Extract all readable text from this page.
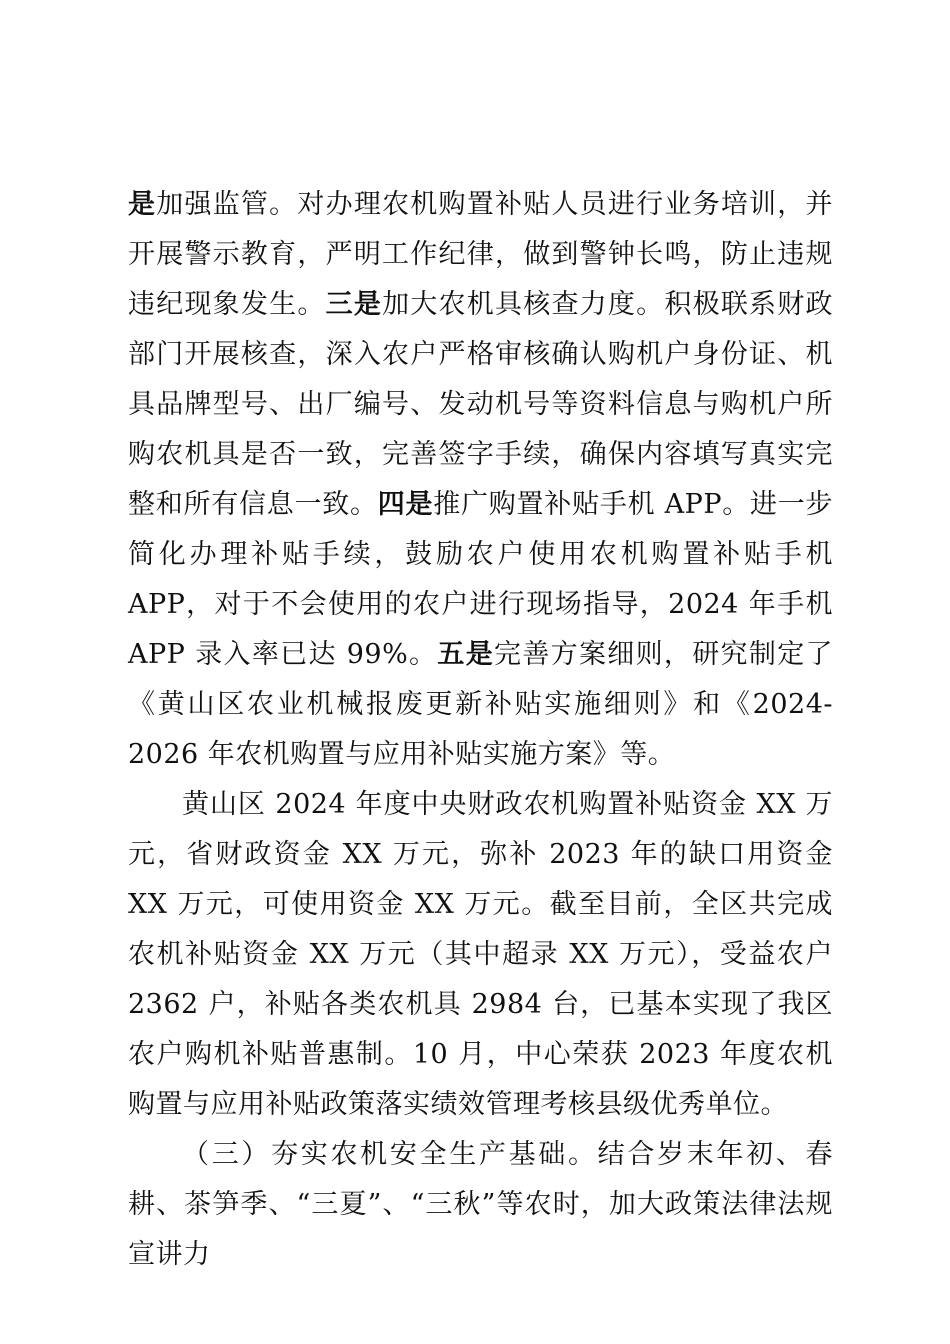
是加强监管。对办理农机购置补贴人员进行业务培训，并开展警示教育，严明工作纪律，做到警钟长鸣，防止违规违纪现象发生。三是加大农机具核查力度。积极联系财政部门开展核查，深入农户严格审核确认购机户身份证、机具品牌型号、出厂编号、发动机号等资料信息与购机户所购农机具是否一致，完善签字手续，确保内容填写真实完整和所有信息一致。四是推广购置补贴手机 APP。进一步简化办理补贴手续，鼓励农户使用农机购置补贴手机 APP，对于不会使用的农户进行现场指导，2024 年手机 APP 录入率已达 99%。五是完善方案细则，研究制定了《黄山区农业机械报废更新补贴实施细则》和《2024-2026 年农机购置与应用补贴实施方案》等。

黄山区 2024 年度中央财政农机购置补贴资金 XX 万元，省财政资金 XX 万元，弥补 2023 年的缺口用资金 XX 万元，可使用资金 XX 万元。截至目前，全区共完成农机补贴资金 XX 万元（其中超录 XX 万元），受益农户 2362 户，补贴各类农机具 2984 台，已基本实现了我区农户购机补贴普惠制。10 月，中心荣获 2023 年度农机购置与应用补贴政策落实绩效管理考核县级优秀单位。

（三）夯实农机安全生产基础。结合岁末年初、春耕、茶笋季、“三夏”、“三秋”等农时，加大政策法律法规宣讲力
